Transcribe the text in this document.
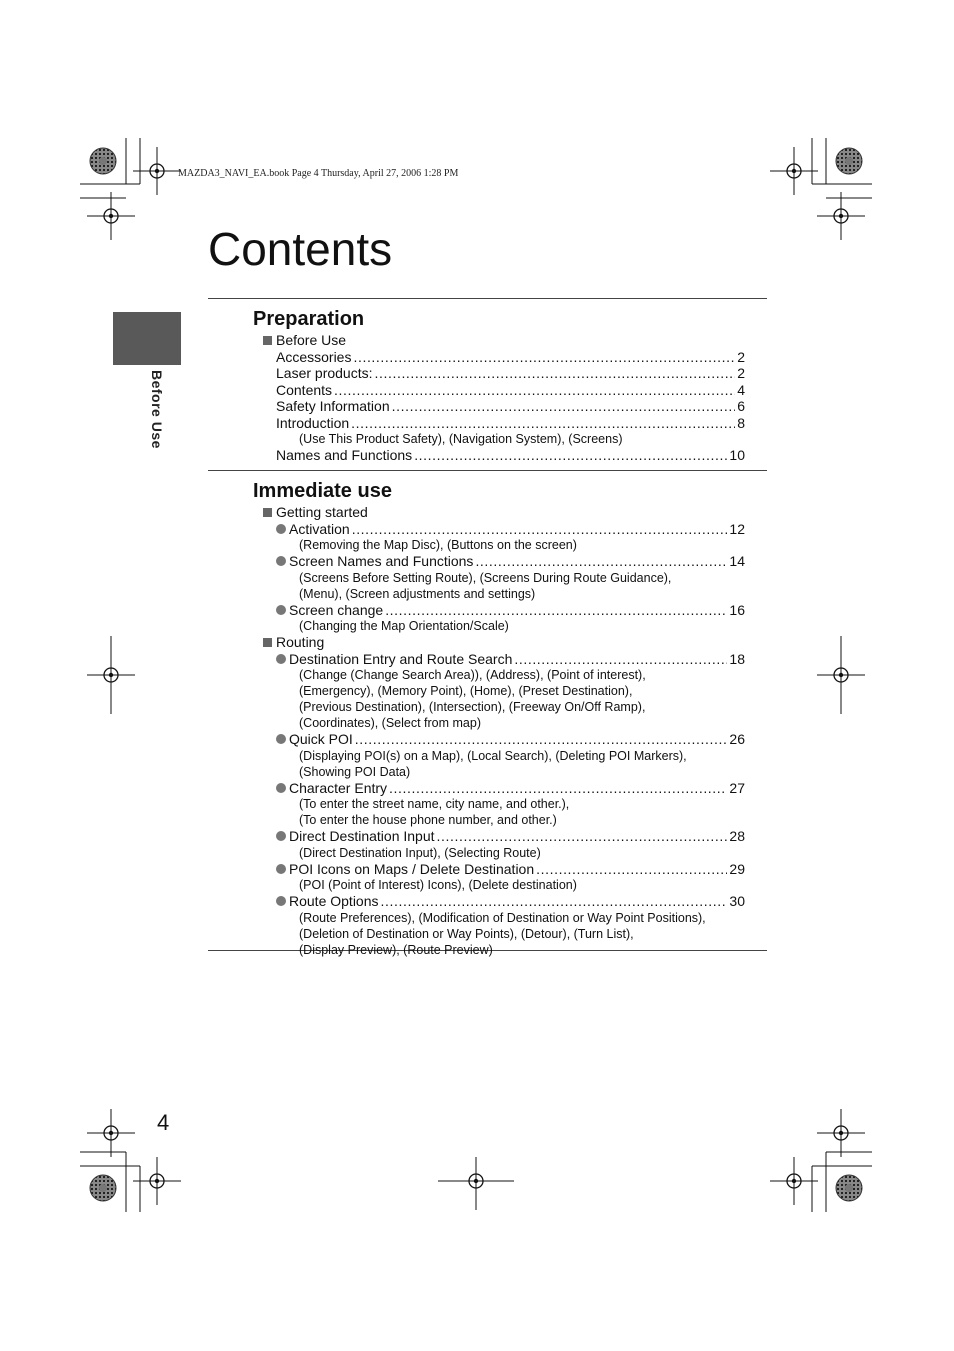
MAZDA3_NAVI_EA.book Page 4 Thursday, April 27, 2006 1:28 PM
Contents
Before Use
Preparation
Before Use
Accessories .....	2
Laser products: .....	2
Contents .....	4
Safety Information .....	6
Introduction .....	8
(Use This Product Safety), (Navigation System), (Screens)
Names and Functions .....	10
Immediate use
Getting started
Activation .....	12
(Removing the Map Disc), (Buttons on the screen)
Screen Names and Functions .....	14
(Screens Before Setting Route), (Screens During Route Guidance),
(Menu), (Screen adjustments and settings)
Screen change .....	16
(Changing the Map Orientation/Scale)
Routing
Destination Entry and Route Search .....	18
(Change (Change Search Area)), (Address), (Point of interest),
(Emergency), (Memory Point), (Home), (Preset Destination),
(Previous Destination), (Intersection), (Freeway On/Off Ramp),
(Coordinates), (Select from map)
Quick POI .....	26
(Displaying POI(s) on a Map), (Local Search), (Deleting POI Markers),
(Showing POI Data)
Character Entry .....	27
(To enter the street name, city name, and other.),
(To enter the house phone number, and other.)
Direct Destination Input .....	28
(Direct Destination Input), (Selecting Route)
POI Icons on Maps / Delete Destination .....	29
(POI (Point of Interest) Icons), (Delete destination)
Route Options .....	30
(Route Preferences), (Modification of Destination or Way Point Positions),
(Deletion of Destination or Way Points), (Detour), (Turn List),
(Display Preview), (Route Preview)
4
